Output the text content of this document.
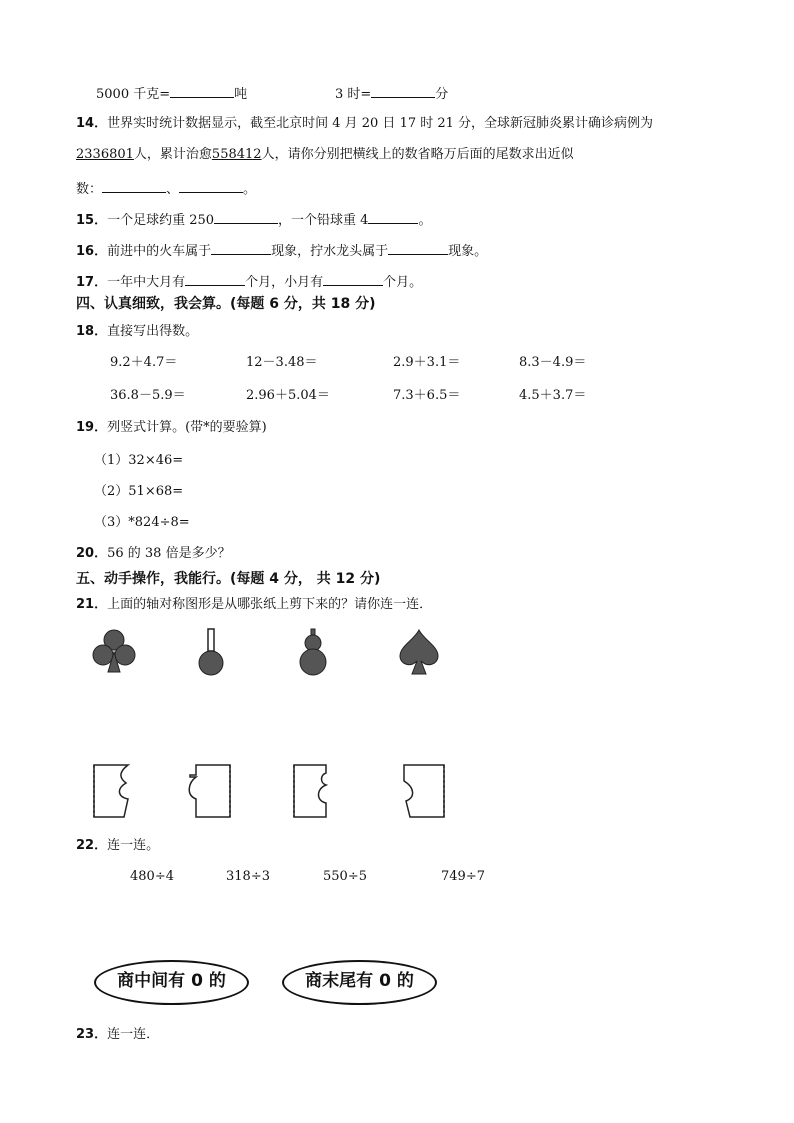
5000 千克=	吨	3 时=	分
14．世界实时统计数据显示，截至北京时间 4 月 20 日 17 时 21 分，全球新冠肺炎累计确诊病例为
2336801人，累计治愈558412人，请你分别把横线上的数省略万后面的尾数求出近似
数：	、	。
15．一个足球约重 250	，一个铅球重 4	。
16．前进中的火车属于	现象，拧水龙头属于	现象。
17．一年中大月有	个月，小月有	个月。
四、认真细致，我会算。(每题 6 分，共 18 分)
18．直接写出得数。
9.2＋4.7＝	12－3.48＝	2.9＋3.1＝	8.3－4.9＝
36.8－5.9＝	2.96＋5.04＝	7.3＋6.5＝	4.5＋3.7＝
19．列竖式计算。(带*的要验算)
（1）32×46=
（2）51×68=
（3）*824÷8=
20．56 的 38 倍是多少？
五、动手操作，我能行。(每题 4 分， 共 12 分)
21．上面的轴对称图形是从哪张纸上剪下来的？请你连一连．
22．连一连。
480÷4	318÷3	550÷5	749÷7
商中间有 0 的	商末尾有 0 的
23．连一连．
